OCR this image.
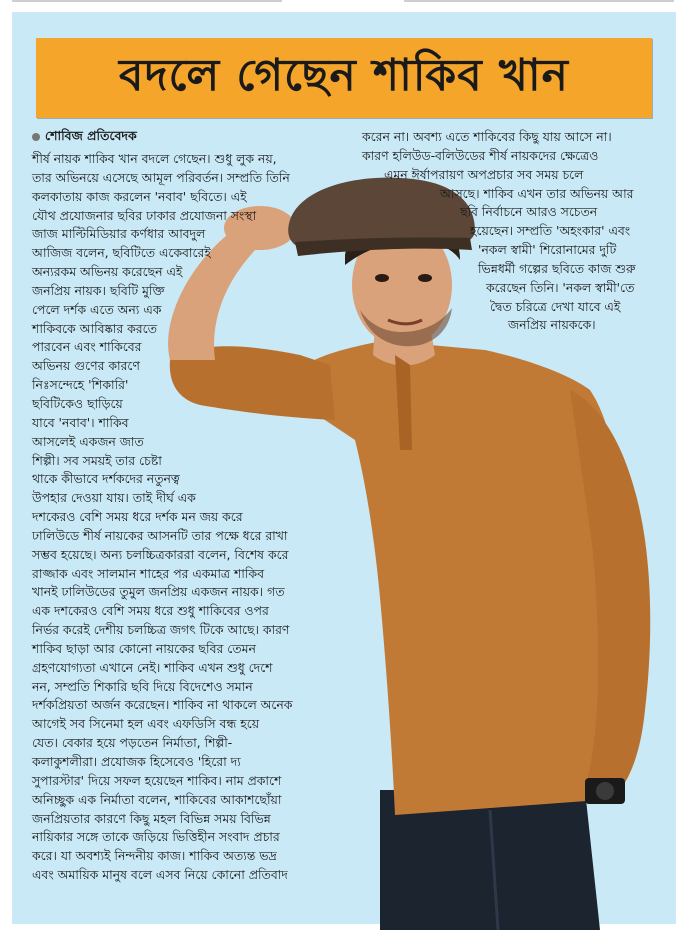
বদলে গেছেন শাকিব খান
শোবিজ প্রতিবেদক
শীর্ষ নায়ক শাকিব খান বদলে গেছেন। শুধু লুক নয়,
তার অভিনয়ে এসেছে আমূল পরিবর্তন। সম্প্রতি তিনি
কলকাতায় কাজ করলেন 'নবাব' ছবিতে। এই
যৌথ প্রযোজনার ছবির ঢাকার প্রযোজনা সংস্থা
জাজ মাল্টিমিডিয়ার কর্ণধার আবদুল
আজিজ বলেন, ছবিটিতে একেবারেই
অন্যরকম অভিনয় করেছেন এই
জনপ্রিয় নায়ক। ছবিটি মুক্তি
পেলে দর্শক এতে অন্য এক
শাকিবকে আবিষ্কার করতে
পারবেন এবং শাকিবের
অভিনয় গুণের কারণে
নিঃসন্দেহে 'শিকারি'
ছবিটিকেও ছাড়িয়ে
যাবে 'নবাব'। শাকিব
আসলেই একজন জাত
শিল্পী। সব সময়ই তার চেষ্টা
থাকে কীভাবে দর্শকদের নতুনত্ব
উপহার দেওয়া যায়। তাই দীর্ঘ এক
দশকেরও বেশি সময় ধরে দর্শক মন জয় করে
ঢালিউডে শীর্ষ নায়কের আসনটি তার পক্ষে ধরে রাখা
সম্ভব হয়েছে। অন্য চলচ্চিত্রকাররা বলেন, বিশেষ করে
রাজ্জাক এবং সালমান শাহের পর একমাত্র শাকিব
খানই ঢালিউডের তুমুল জনপ্রিয় একজন নায়ক। গত
এক দশকেরও বেশি সময় ধরে শুধু শাকিবের ওপর
নির্ভর করেই দেশীয় চলচ্চিত্র জগৎ টিকে আছে। কারণ
শাকিব ছাড়া আর কোনো নায়কের ছবির তেমন
গ্রহণযোগ্যতা এখানে নেই। শাকিব এখন শুধু দেশে
নন, সম্প্রতি শিকারি ছবি দিয়ে বিদেশেও সমান
দর্শকপ্রিয়তা অর্জন করেছেন। শাকিব না থাকলে অনেক
আগেই সব সিনেমা হল এবং এফডিসি বন্ধ হয়ে
যেত। বেকার হয়ে পড়তেন নির্মাতা, শিল্পী-
কলাকুশলীরা। প্রযোজক হিসেবেও 'হিরো দ্য
সুপারস্টার' দিয়ে সফল হয়েছেন শাকিব। নাম প্রকাশে
অনিচ্ছুক এক নির্মাতা বলেন, শাকিবের আকাশছোঁয়া
জনপ্রিয়তার কারণে কিছু মহল বিভিন্ন সময় বিভিন্ন
নায়িকার সঙ্গে তাকে জড়িয়ে ভিত্তিহীন সংবাদ প্রচার
করে। যা অবশ্যই নিন্দনীয় কাজ। শাকিব অত্যন্ত ভদ্র
এবং অমায়িক মানুষ বলে এসব নিয়ে কোনো প্রতিবাদ
করেন না। অবশ্য এতে শাকিবের কিছু যায় আসে না।
কারণ হলিউড-বলিউডের শীর্ষ নায়কদের ক্ষেত্রেও
এমন ঈর্ষাপরায়ণ অপপ্রচার সব সময় চলে
আসছে। শাকিব এখন তার অভিনয় আর
ছবি নির্বাচনে আরও সচেতন
হয়েছেন। সম্প্রতি 'অহংকার' এবং
'নকল স্বামী' শিরোনামের দুটি
ভিন্নধর্মী গল্পের ছবিতে কাজ শুরু
করেছেন তিনি। 'নকল স্বামী'তে
দ্বৈত চরিত্রে দেখা যাবে এই
জনপ্রিয় নায়ককে।
